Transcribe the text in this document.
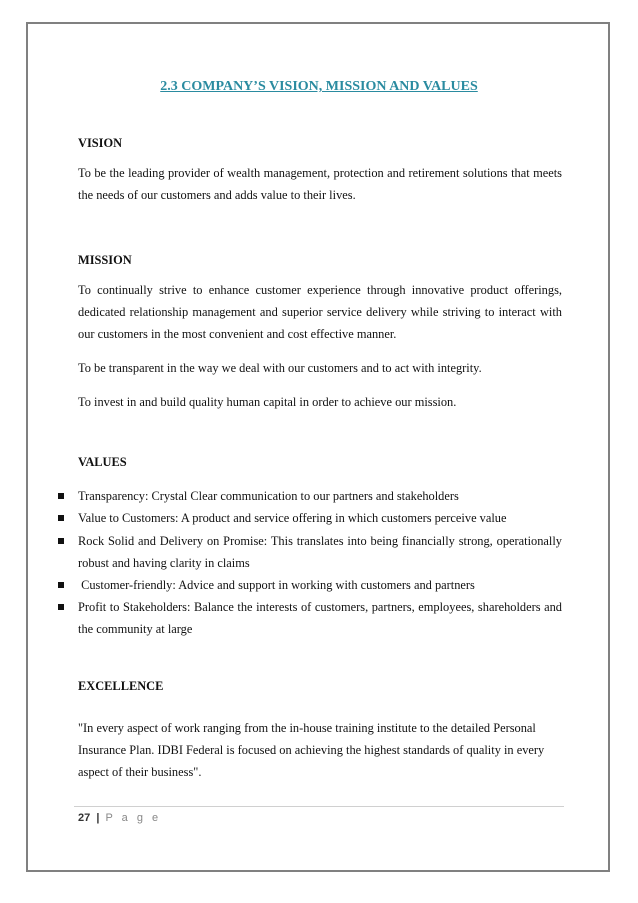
2.3 COMPANY’S VISION, MISSION AND VALUES
VISION

To be the leading provider of wealth management, protection and retirement solutions that meets the needs of our customers and adds value to their lives.

MISSION

To continually strive to enhance customer experience through innovative product offerings, dedicated relationship management and superior service delivery while striving to interact with our customers in the most convenient and cost effective manner.

To be transparent in the way we deal with our customers and to act with integrity.

To invest in and build quality human capital in order to achieve our mission.

VALUES

Transparency: Crystal Clear communication to our partners and stakeholders

Value to Customers: A product and service offering in which customers perceive value

Rock Solid and Delivery on Promise: This translates into being financially strong, operationally robust and having clarity in claims

Customer-friendly: Advice and support in working with customers and partners

Profit to Stakeholders: Balance the interests of customers, partners, employees, shareholders and the community at large

EXCELLENCE

"In every aspect of work ranging from the in-house training institute to the detailed Personal Insurance Plan. IDBI Federal is focused on achieving the highest standards of quality in every aspect of their business".

27 | P a g e
